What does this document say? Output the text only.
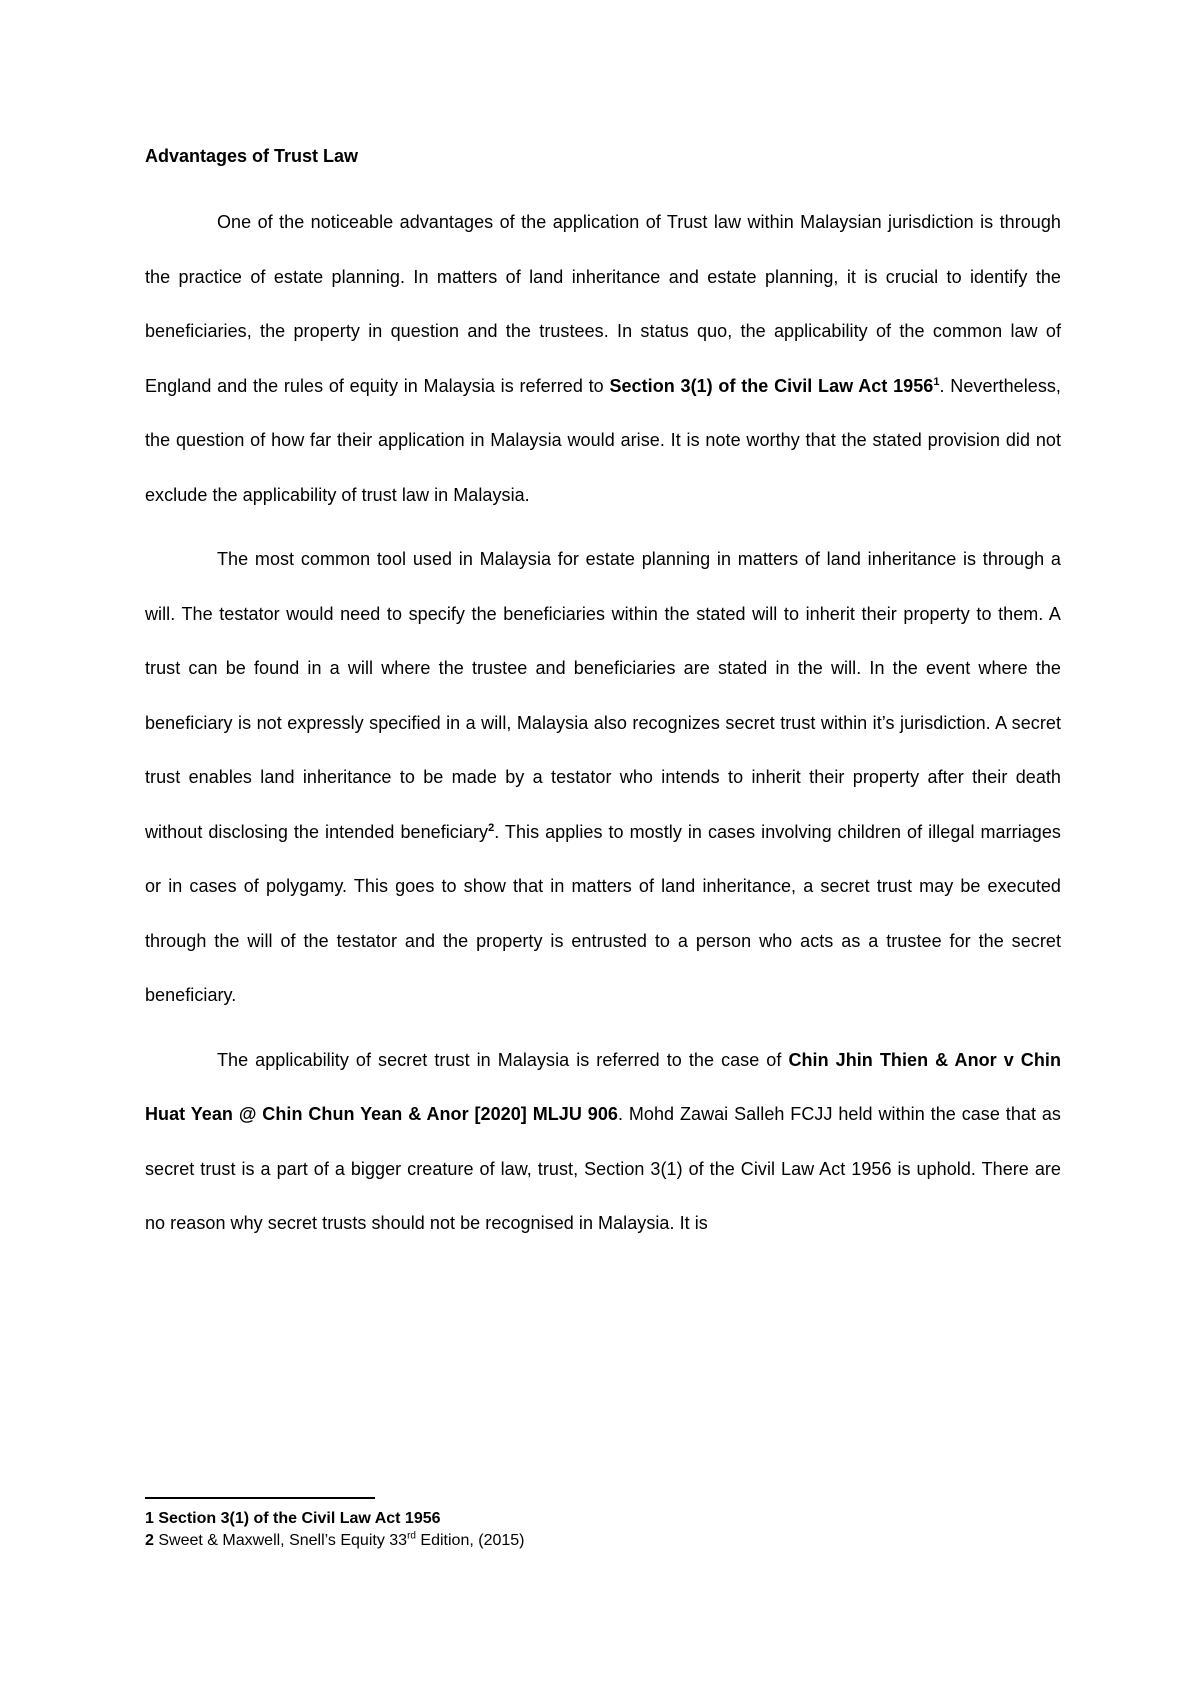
Advantages of Trust Law

One of the noticeable advantages of the application of Trust law within Malaysian jurisdiction is through the practice of estate planning. In matters of land inheritance and estate planning, it is crucial to identify the beneficiaries, the property in question and the trustees. In status quo, the applicability of the common law of England and the rules of equity in Malaysia is referred to Section 3(1) of the Civil Law Act 1956$^1$. Nevertheless, the question of how far their application in Malaysia would arise. It is note worthy that the stated provision did not exclude the applicability of trust law in Malaysia.

The most common tool used in Malaysia for estate planning in matters of land inheritance is through a will. The testator would need to specify the beneficiaries within the stated will to inherit their property to them. A trust can be found in a will where the trustee and beneficiaries are stated in the will. In the event where the beneficiary is not expressly specified in a will, Malaysia also recognizes secret trust within it’s jurisdiction. A secret trust enables land inheritance to be made by a testator who intends to inherit their property after their death without disclosing the intended beneficiary$^2$. This applies to mostly in cases involving children of illegal marriages or in cases of polygamy. This goes to show that in matters of land inheritance, a secret trust may be executed through the will of the testator and the property is entrusted to a person who acts as a trustee for the secret beneficiary.

The applicability of secret trust in Malaysia is referred to the case of Chin Jhin Thien & Anor v Chin Huat Yean @ Chin Chun Yean & Anor [2020] MLJU 906. Mohd Zawai Salleh FCJJ held within the case that as secret trust is a part of a bigger creature of law, trust, Section 3(1) of the Civil Law Act 1956 is uphold. There are no reason why secret trusts should not be recognised in Malaysia. It is

1 Section 3(1) of the Civil Law Act 1956
2 Sweet & Maxwell, Snell’s Equity 33rd Edition, (2015)
